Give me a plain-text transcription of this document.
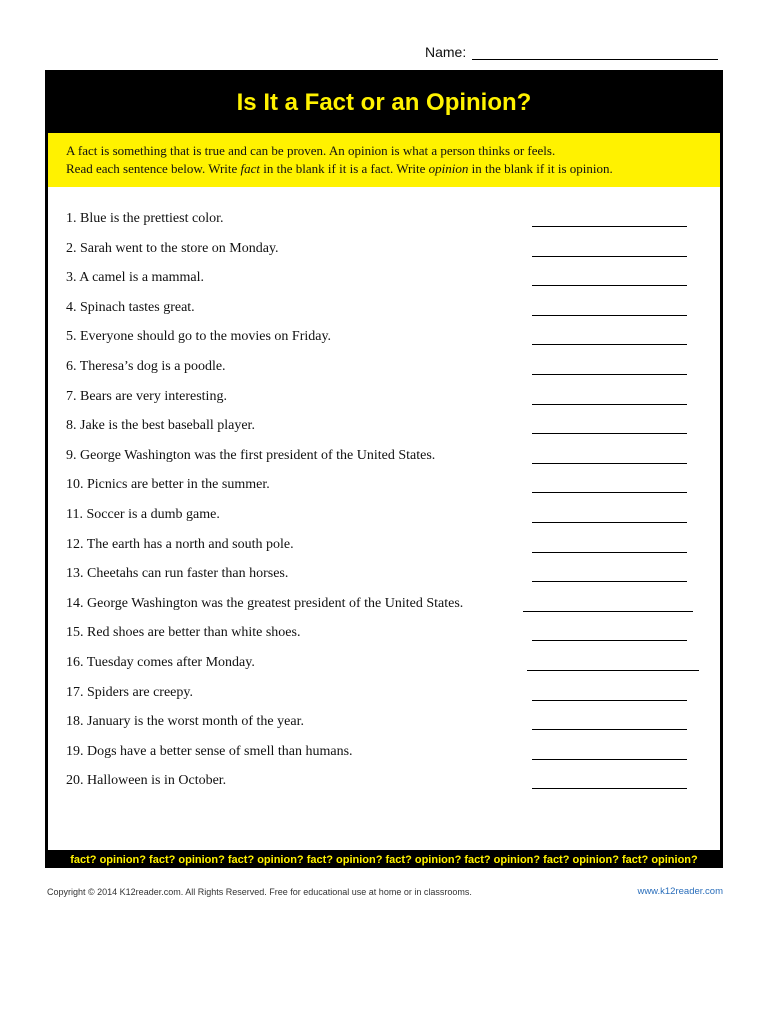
Name:
Is It a Fact or an Opinion?
A fact is something that is true and can be proven. An opinion is what a person thinks or feels.
Read each sentence below. Write fact in the blank if it is a fact. Write opinion in the blank if it is opinion.
1. Blue is the prettiest color.
2. Sarah went to the store on Monday.
3. A camel is a mammal.
4. Spinach tastes great.
5. Everyone should go to the movies on Friday.
6. Theresa’s dog is a poodle.
7. Bears are very interesting.
8. Jake is the best baseball player.
9. George Washington was the first president of the United States.
10. Picnics are better in the summer.
11. Soccer is a dumb game.
12. The earth has a north and south pole.
13. Cheetahs can run faster than horses.
14. George Washington was the greatest president of the United States.
15. Red shoes are better than white shoes.
16. Tuesday comes after Monday.
17. Spiders are creepy.
18. January is the worst month of the year.
19. Dogs have a better sense of smell than humans.
20. Halloween is in October.
fact? opinion? fact? opinion? fact? opinion? fact? opinion? fact? opinion? fact? opinion? fact? opinion? fact? opinion?
Copyright © 2014 K12reader.com. All Rights Reserved. Free for educational use at home or in classrooms.	www.k12reader.com
